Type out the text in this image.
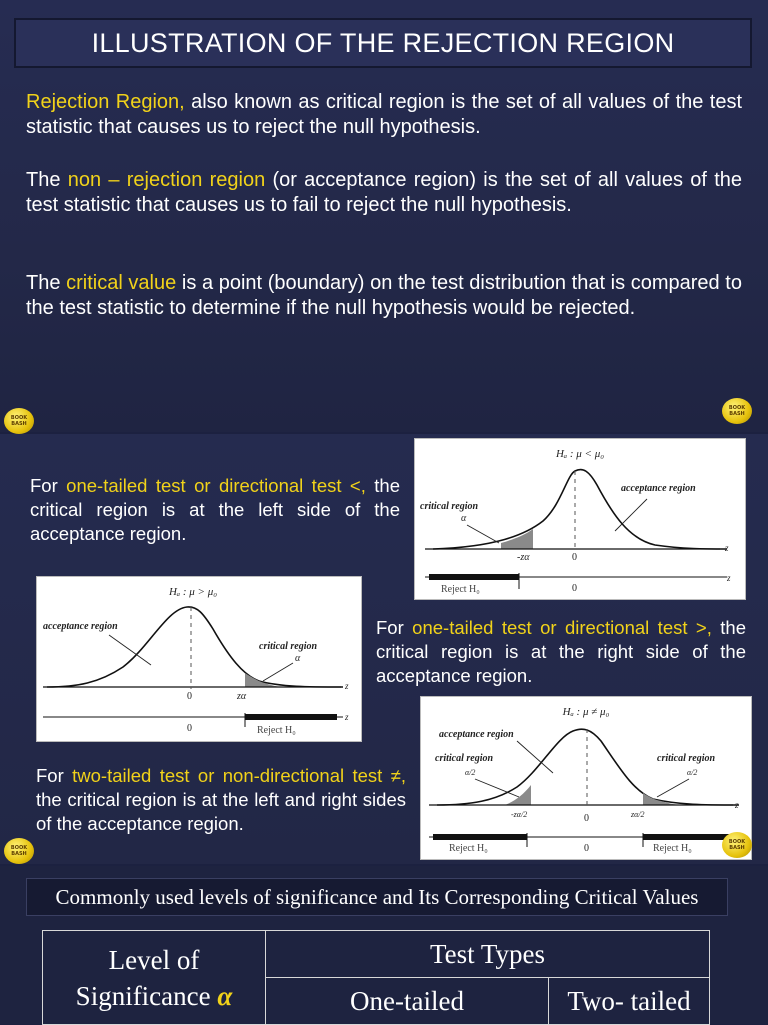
ILLUSTRATION OF THE REJECTION REGION

Rejection Region, also known as critical region is the set of all values of the test statistic that causes us to reject the null hypothesis.

The non – rejection region (or acceptance region) is the set of all values of the test statistic that causes us to fail to reject the null hypothesis.

The critical value is a point (boundary) on the test distribution that is compared to the test statistic to determine if the null hypothesis would be rejected.

BOOK
BASH
BOOK
BASH

For one-tailed test or directional test <, the critical region is at the left side of the acceptance region.

Hₐ : μ < μ₀
critical region
α
acceptance region
-zα	0
z
Reject H₀	0
z
Hₐ : μ > μ₀
acceptance region
critical region
α
0	zα
z
0	Reject H₀
z

For one-tailed test or directional test >, the critical region is at the right side of the acceptance region.

Hₐ : μ ≠ μ₀
acceptance region
critical region
α/2
critical region
α/2
-zα/2	0	zα/2
z
Reject H₀	0	Reject H₀

For two-tailed test or non-directional test ≠, the critical region is at the left and right sides of the acceptance region.

BOOK
BASH
BOOK
BASH
Commonly used levels of significance and Its Corresponding Critical Values
Level of
Significance α	Test Types	
	One-tailed	Two- tailed
